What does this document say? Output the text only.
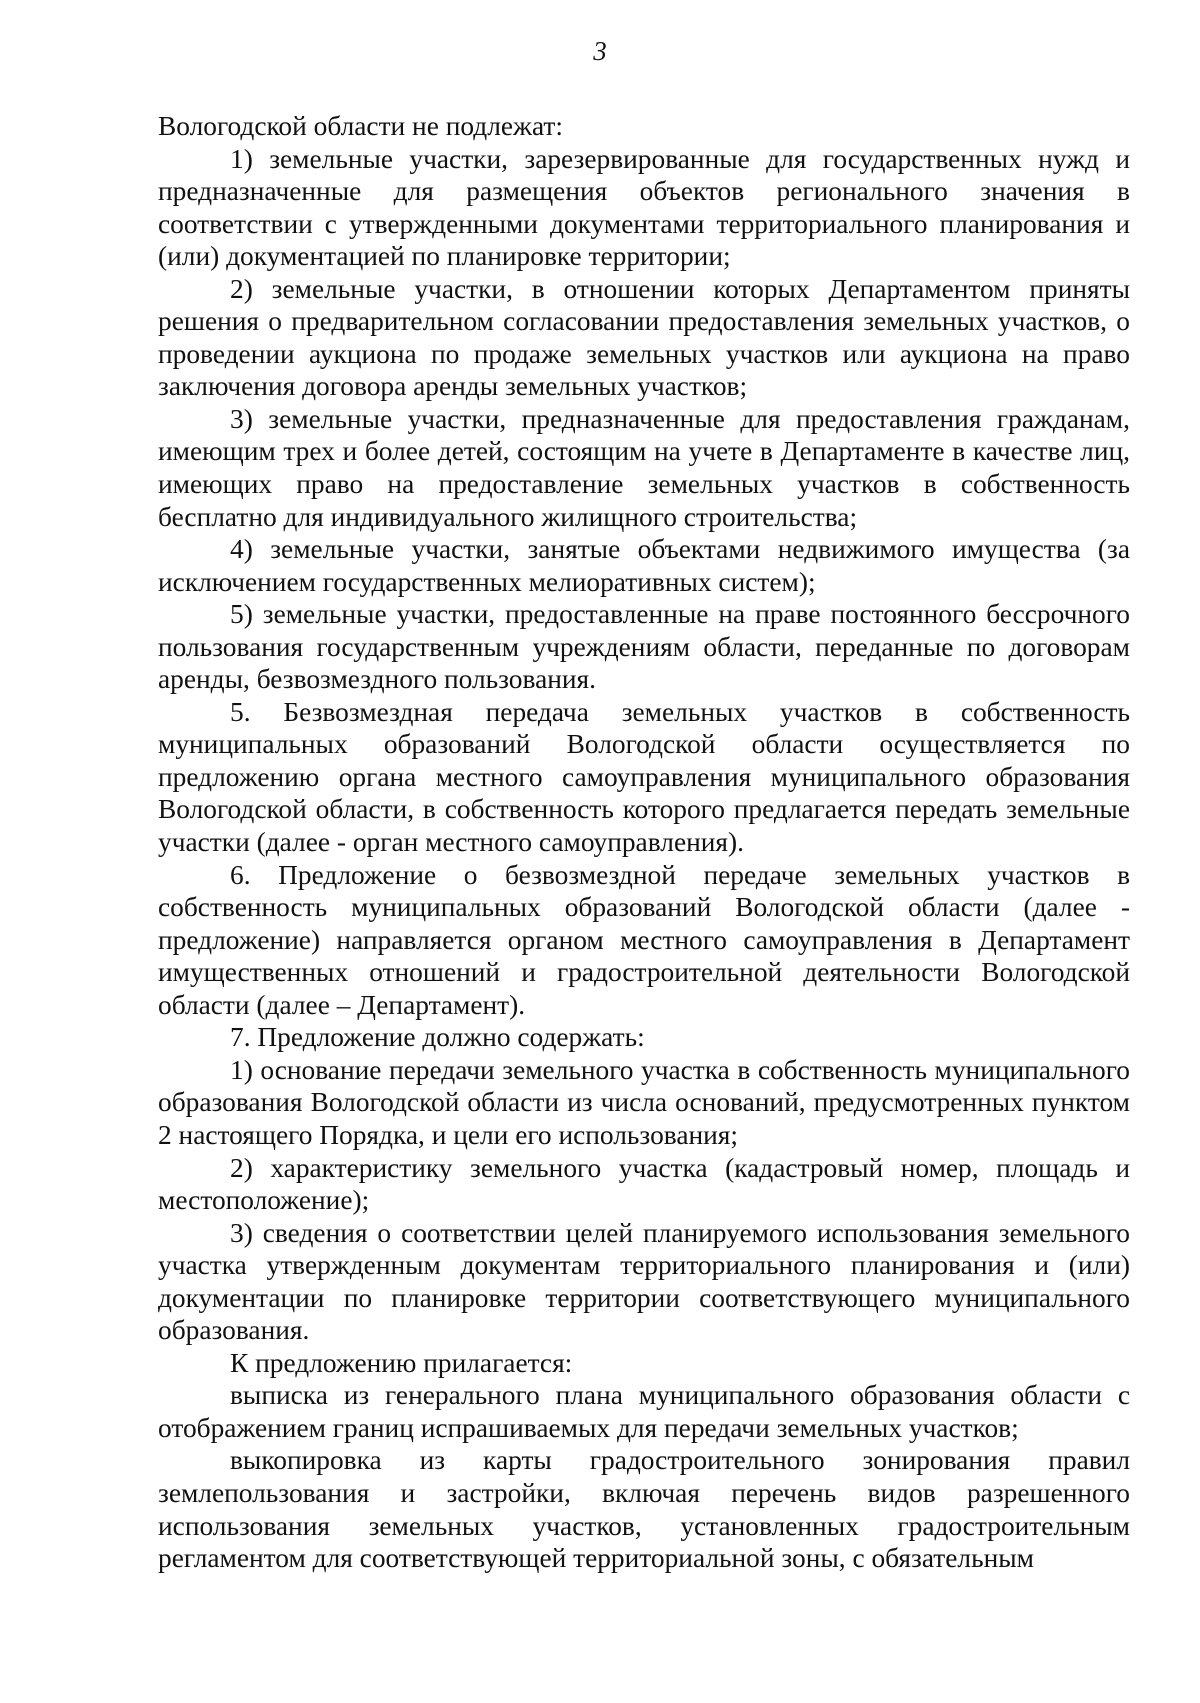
3

Вологодской области не подлежат:

1) земельные участки, зарезервированные для государственных нужд и предназначенные для размещения объектов регионального значения в соответствии с утвержденными документами территориального планирования и (или) документацией по планировке территории;

2) земельные участки, в отношении которых Департаментом приняты решения о предварительном согласовании предоставления земельных участков, о проведении аукциона по продаже земельных участков или аукциона на право заключения договора аренды земельных участков;

3) земельные участки, предназначенные для предоставления гражданам, имеющим трех и более детей, состоящим на учете в Департаменте в качестве лиц, имеющих право на предоставление земельных участков в собственность бесплатно для индивидуального жилищного строительства;

4) земельные участки, занятые объектами недвижимого имущества (за исключением государственных мелиоративных систем);

5) земельные участки, предоставленные на праве постоянного бессрочного пользования государственным учреждениям области, переданные по договорам аренды, безвозмездного пользования.

5. Безвозмездная передача земельных участков в собственность муниципальных образований Вологодской области осуществляется по предложению органа местного самоуправления муниципального образования Вологодской области, в собственность которого предлагается передать земельные участки (далее - орган местного самоуправления).

6. Предложение о безвозмездной передаче земельных участков в собственность муниципальных образований Вологодской области (далее - предложение) направляется органом местного самоуправления в Департамент имущественных отношений и градостроительной деятельности Вологодской области (далее – Департамент).

7. Предложение должно содержать:

1) основание передачи земельного участка в собственность муниципального образования Вологодской области из числа оснований, предусмотренных пунктом 2 настоящего Порядка, и цели его использования;

2) характеристику земельного участка (кадастровый номер, площадь и местоположение);

3) сведения о соответствии целей планируемого использования земельного участка утвержденным документам территориального планирования и (или) документации по планировке территории соответствующего муниципального образования.

К предложению прилагается:

выписка из генерального плана муниципального образования области с отображением границ испрашиваемых для передачи земельных участков;

выкопировка из карты градостроительного зонирования правил землепользования и застройки, включая перечень видов разрешенного использования земельных участков, установленных градостроительным регламентом для соответствующей территориальной зоны, с обязательным
